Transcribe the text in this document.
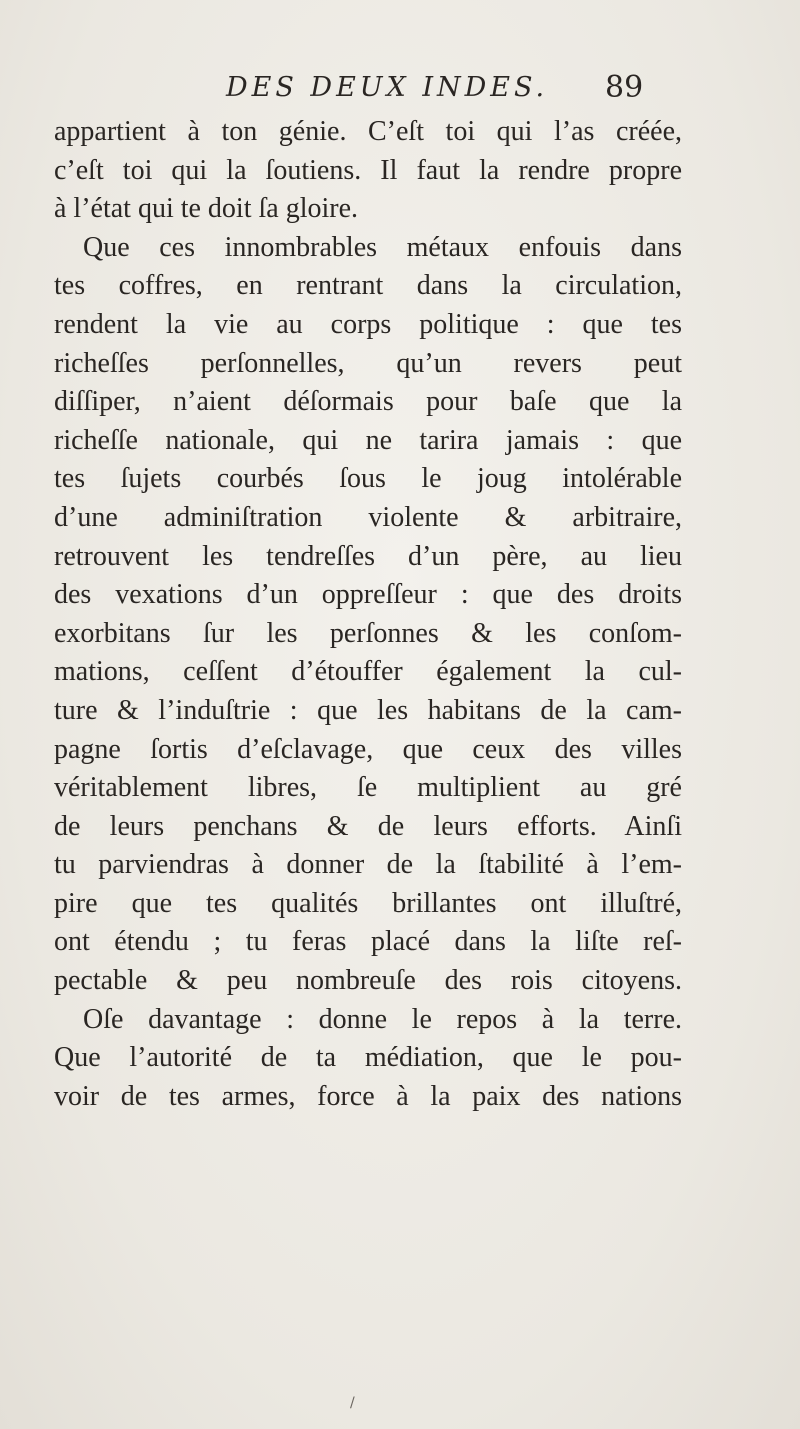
DES DEUX INDES. 89
appartient à ton génie. C’eſt toi qui l’as créée,
c’eſt toi qui la ſoutiens. Il faut la rendre propre
à l’état qui te doit ſa gloire.
Que ces innombrables métaux enfouis dans
tes coffres, en rentrant dans la circulation,
rendent la vie au corps politique : que tes
richeſſes perſonnelles, qu’un revers peut
diſſiper, n’aient déſormais pour baſe que la
richeſſe nationale, qui ne tarira jamais : que
tes ſujets courbés ſous le joug intolérable
d’une adminiſtration violente & arbitraire,
retrouvent les tendreſſes d’un père, au lieu
des vexations d’un oppreſſeur : que des droits
exorbitans ſur les perſonnes & les conſom-
mations, ceſſent d’étouffer également la cul-
ture & l’induſtrie : que les habitans de la cam-
pagne ſortis d’eſclavage, que ceux des villes
véritablement libres, ſe multiplient au gré
de leurs penchans & de leurs efforts. Ainſi
tu parviendras à donner de la ſtabilité à l’em-
pire que tes qualités brillantes ont illuſtré,
ont étendu ; tu feras placé dans la liſte reſ-
pectable & peu nombreuſe des rois citoyens.
Oſe davantage : donne le repos à la terre.
Que l’autorité de ta médiation, que le pou-
voir de tes armes, force à la paix des nations
/
